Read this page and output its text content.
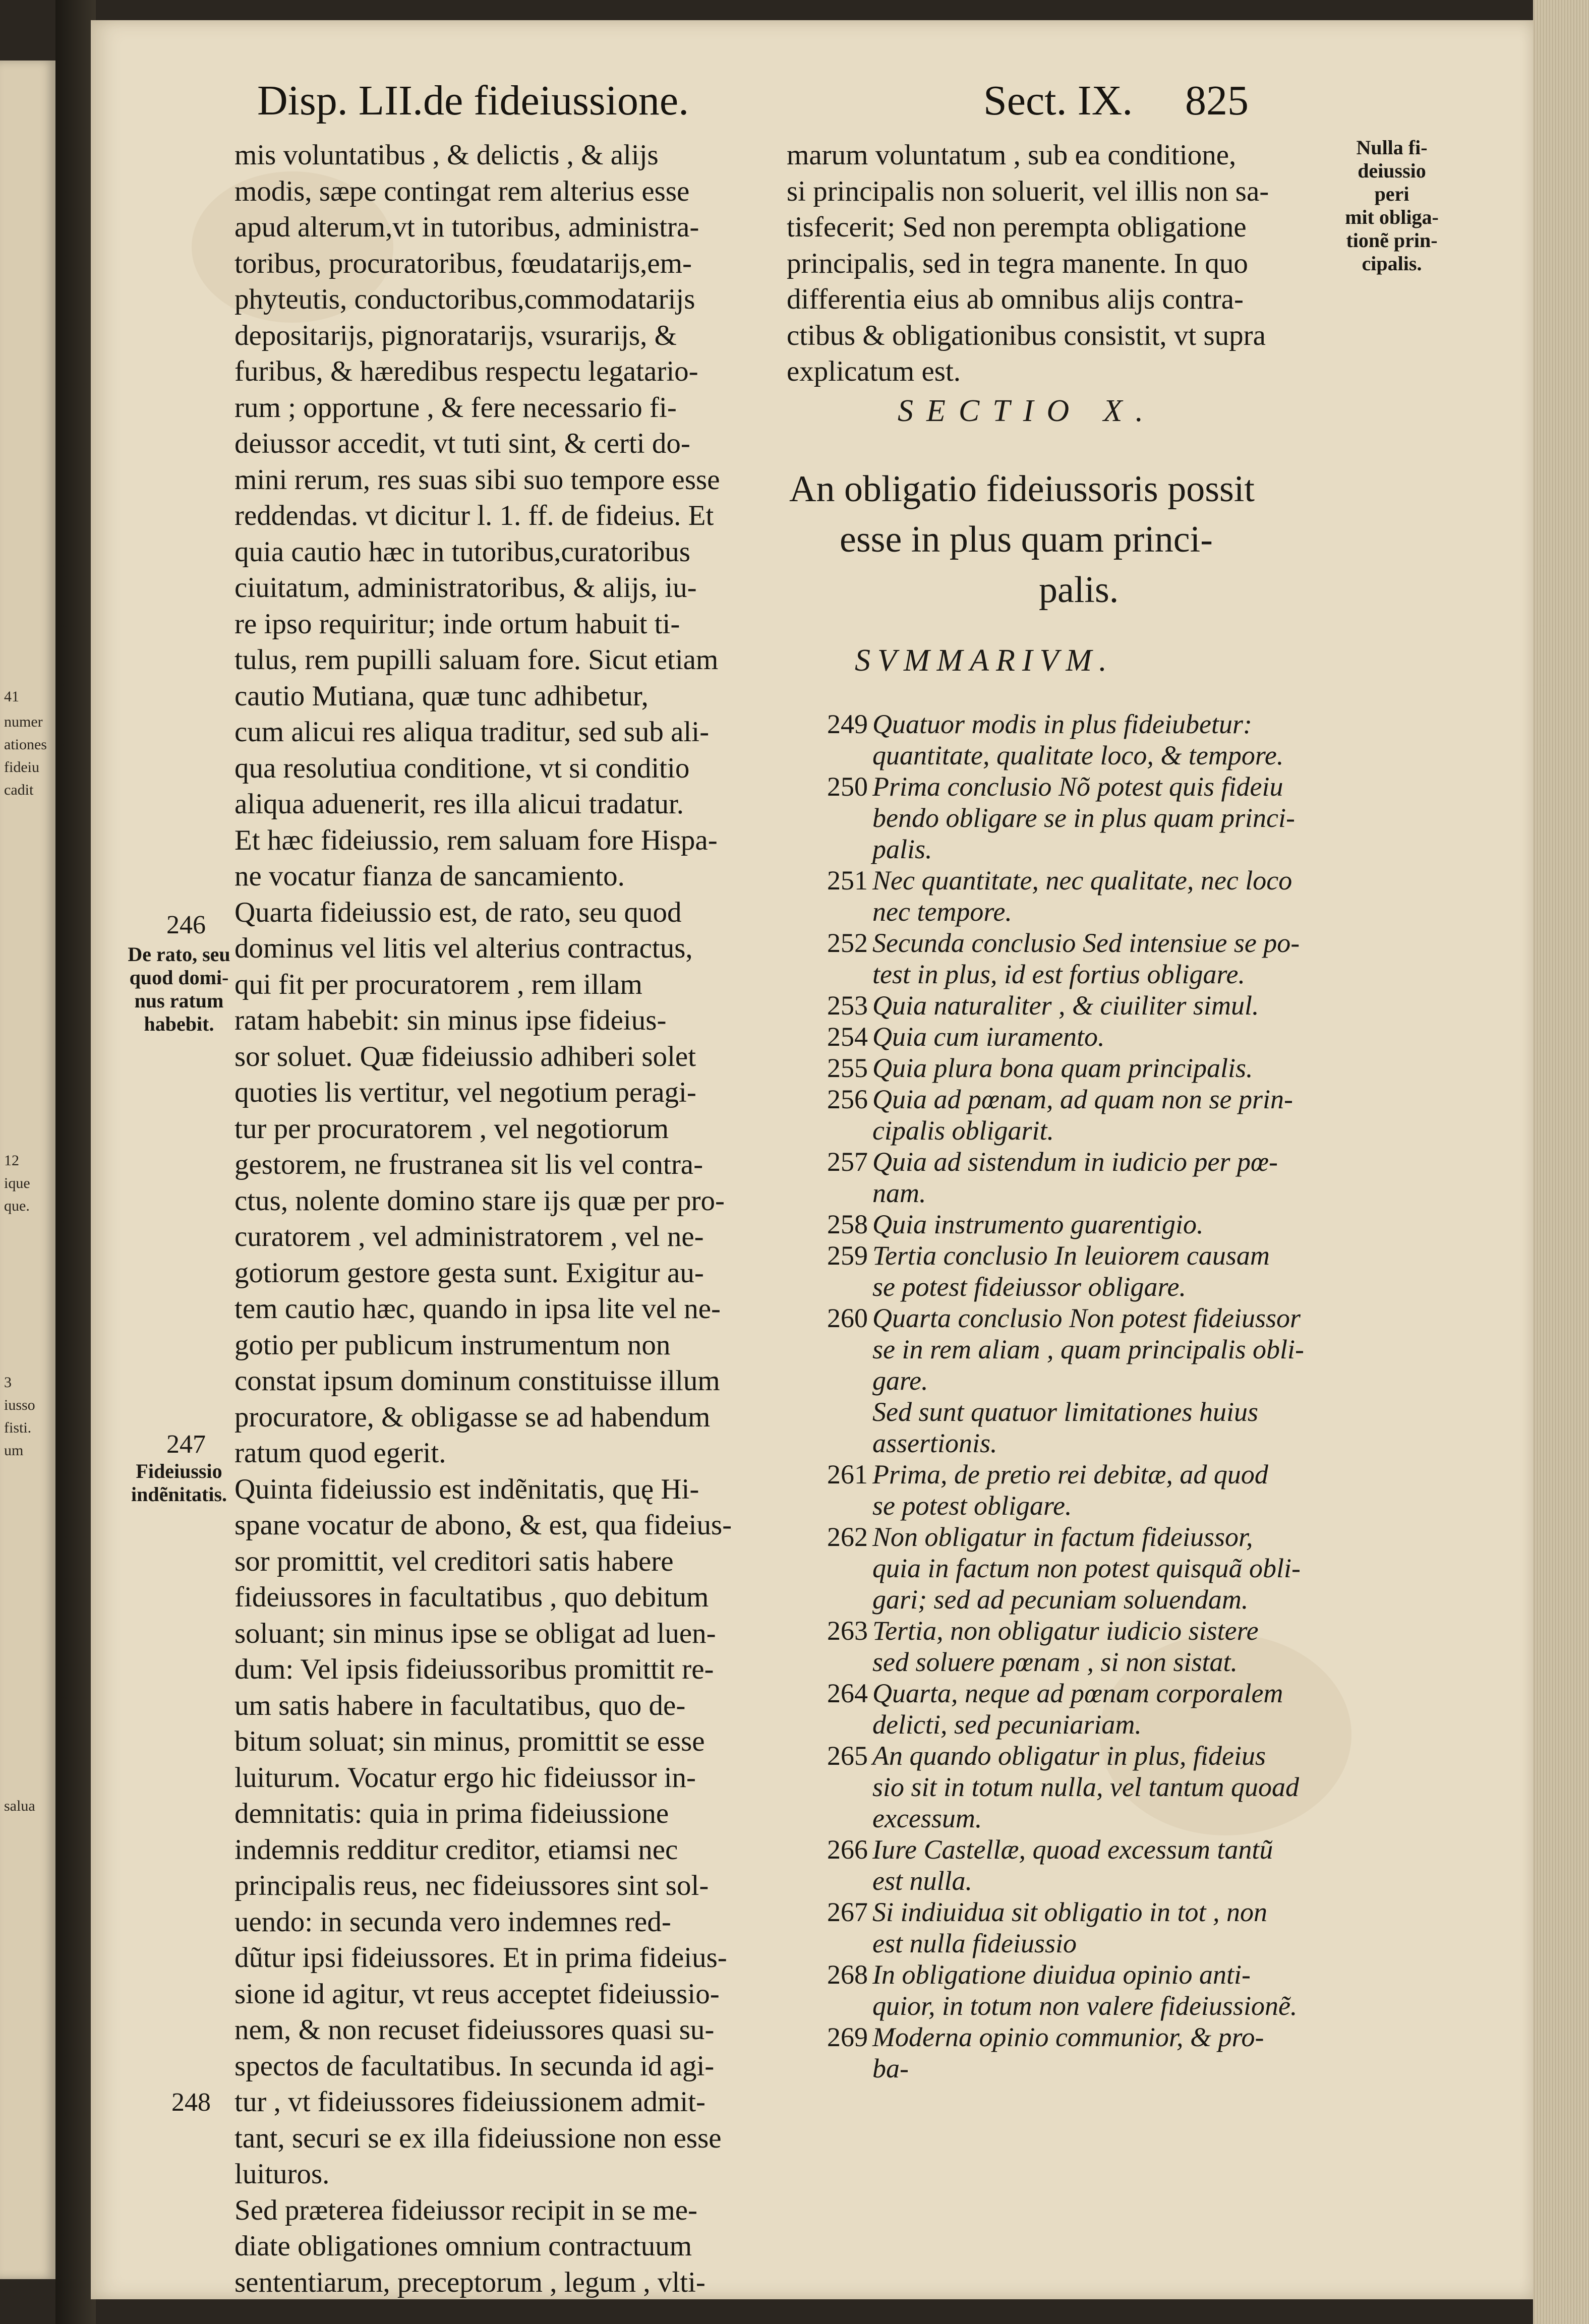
41
numer
ationes
fideiu
cadit
12
ique
que.
3
iusso
fisti.
um
salua
Disp. LII.de fideiussione.	Sect. IX. 825
mis voluntatibus , & delictis , & alijs
modis, sæpe contingat rem alterius esse
apud alterum,vt in tutoribus, administra-
toribus, procuratoribus, fœudatarijs,em-
phyteutis, conductoribus,commodatarijs
depositarijs, pignoratarijs, vsurarijs, &
furibus, & hæredibus respectu legatario-
rum ; opportune , & fere necessario fi-
deiussor accedit, vt tuti sint, & certi do-
mini rerum, res suas sibi suo tempore esse
reddendas. vt dicitur l. 1. ff. de fideius. Et
quia cautio hæc in tutoribus,curatoribus
ciuitatum, administratoribus, & alijs, iu-
re ipso requiritur; inde ortum habuit ti-
tulus, rem pupilli saluam fore. Sicut etiam
cautio Mutiana, quæ tunc adhibetur,
cum alicui res aliqua traditur, sed sub ali-
qua resolutiua conditione, vt si conditio
aliqua aduenerit, res illa alicui tradatur.
Et hæc fideiussio, rem saluam fore Hispa-
ne vocatur fianza de sancamiento.
Quarta fideiussio est, de rato, seu quod
dominus vel litis vel alterius contractus,
qui fit per procuratorem , rem illam
ratam habebit: sin minus ipse fideius-
sor soluet. Quæ fideiussio adhiberi solet
quoties lis vertitur, vel negotium peragi-
tur per procuratorem , vel negotiorum
gestorem, ne frustranea sit lis vel contra-
ctus, nolente domino stare ijs quæ per pro-
curatorem , vel administratorem , vel ne-
gotiorum gestore gesta sunt. Exigitur au-
tem cautio hæc, quando in ipsa lite vel ne-
gotio per publicum instrumentum non
constat ipsum dominum constituisse illum
procuratore, & obligasse se ad habendum
ratum quod egerit.
Quinta fideiussio est indẽnitatis, quę Hi-
spane vocatur de abono, & est, qua fideius-
sor promittit, vel creditori satis habere
fideiussores in facultatibus , quo debitum
soluant; sin minus ipse se obligat ad luen-
dum: Vel ipsis fideiussoribus promittit re-
um satis habere in facultatibus, quo de-
bitum soluat; sin minus, promittit se esse
luiturum. Vocatur ergo hic fideiussor in-
demnitatis: quia in prima fideiussione
indemnis redditur creditor, etiamsi nec
principalis reus, nec fideiussores sint sol-
uendo: in secunda vero indemnes red-
dũtur ipsi fideiussores. Et in prima fideius-
sione id agitur, vt reus acceptet fideiussio-
nem, & non recuset fideiussores quasi su-
spectos de facultatibus. In secunda id agi-
tur , vt fideiussores fideiussionem admit-
tant, securi se ex illa fideiussione non esse
luituros.
Sed præterea fideiussor recipit in se me-
diate obligationes omnium contractuum
sententiarum, preceptorum , legum , vlti-
marum voluntatum , sub ea conditione,
si principalis non soluerit, vel illis non sa-
tisfecerit; Sed non perempta obligatione
principalis, sed in tegra manente. In quo
differentia eius ab omnibus alijs contra-
ctibus & obligationibus consistit, vt supra
explicatum est.
SECTIO X.
An obligatio fideiussoris possit
esse in plus quam princi-
palis.
SVMMARIVM.
249 Quatuor modis in plus fideiubetur:
quantitate, qualitate loco, & tempore.
250 Prima conclusio Nõ potest quis fideiu
bendo obligare se in plus quam princi-
palis.
251 Nec quantitate, nec qualitate, nec loco
nec tempore.
252 Secunda conclusio Sed intensiue se po-
test in plus, id est fortius obligare.
253 Quia naturaliter , & ciuiliter simul.
254 Quia cum iuramento.
255 Quia plura bona quam principalis.
256 Quia ad pœnam, ad quam non se prin-
cipalis obligarit.
257 Quia ad sistendum in iudicio per pœ-
nam.
258 Quia instrumento guarentigio.
259 Tertia conclusio In leuiorem causam
se potest fideiussor obligare.
260 Quarta conclusio Non potest fideiussor
se in rem aliam , quam principalis obli-
gare.
Sed sunt quatuor limitationes huius
assertionis.
261 Prima, de pretio rei debitæ, ad quod
se potest obligare.
262 Non obligatur in factum fideiussor,
quia in factum non potest quisquã obli-
gari; sed ad pecuniam soluendam.
263 Tertia, non obligatur iudicio sistere
sed soluere pœnam , si non sistat.
264 Quarta, neque ad pœnam corporalem
delicti, sed pecuniariam.
265 An quando obligatur in plus, fideius
sio sit in totum nulla, vel tantum quoad
excessum.
266 Iure Castellæ, quoad excessum tantũ
est nulla.
267 Si indiuidua sit obligatio in tot , non
est nulla fideiussio
268 In obligatione diuidua opinio anti-
quior, in totum non valere fideiussionẽ.
269 Moderna opinio communior, & pro-
ba-
Nulla fi-
deiussio peri
mit obliga-
tionẽ prin-
cipalis.
246
De rato, seu
quod domi-
nus ratum
habebit.
247
Fideiussio
indẽnitatis.
248
